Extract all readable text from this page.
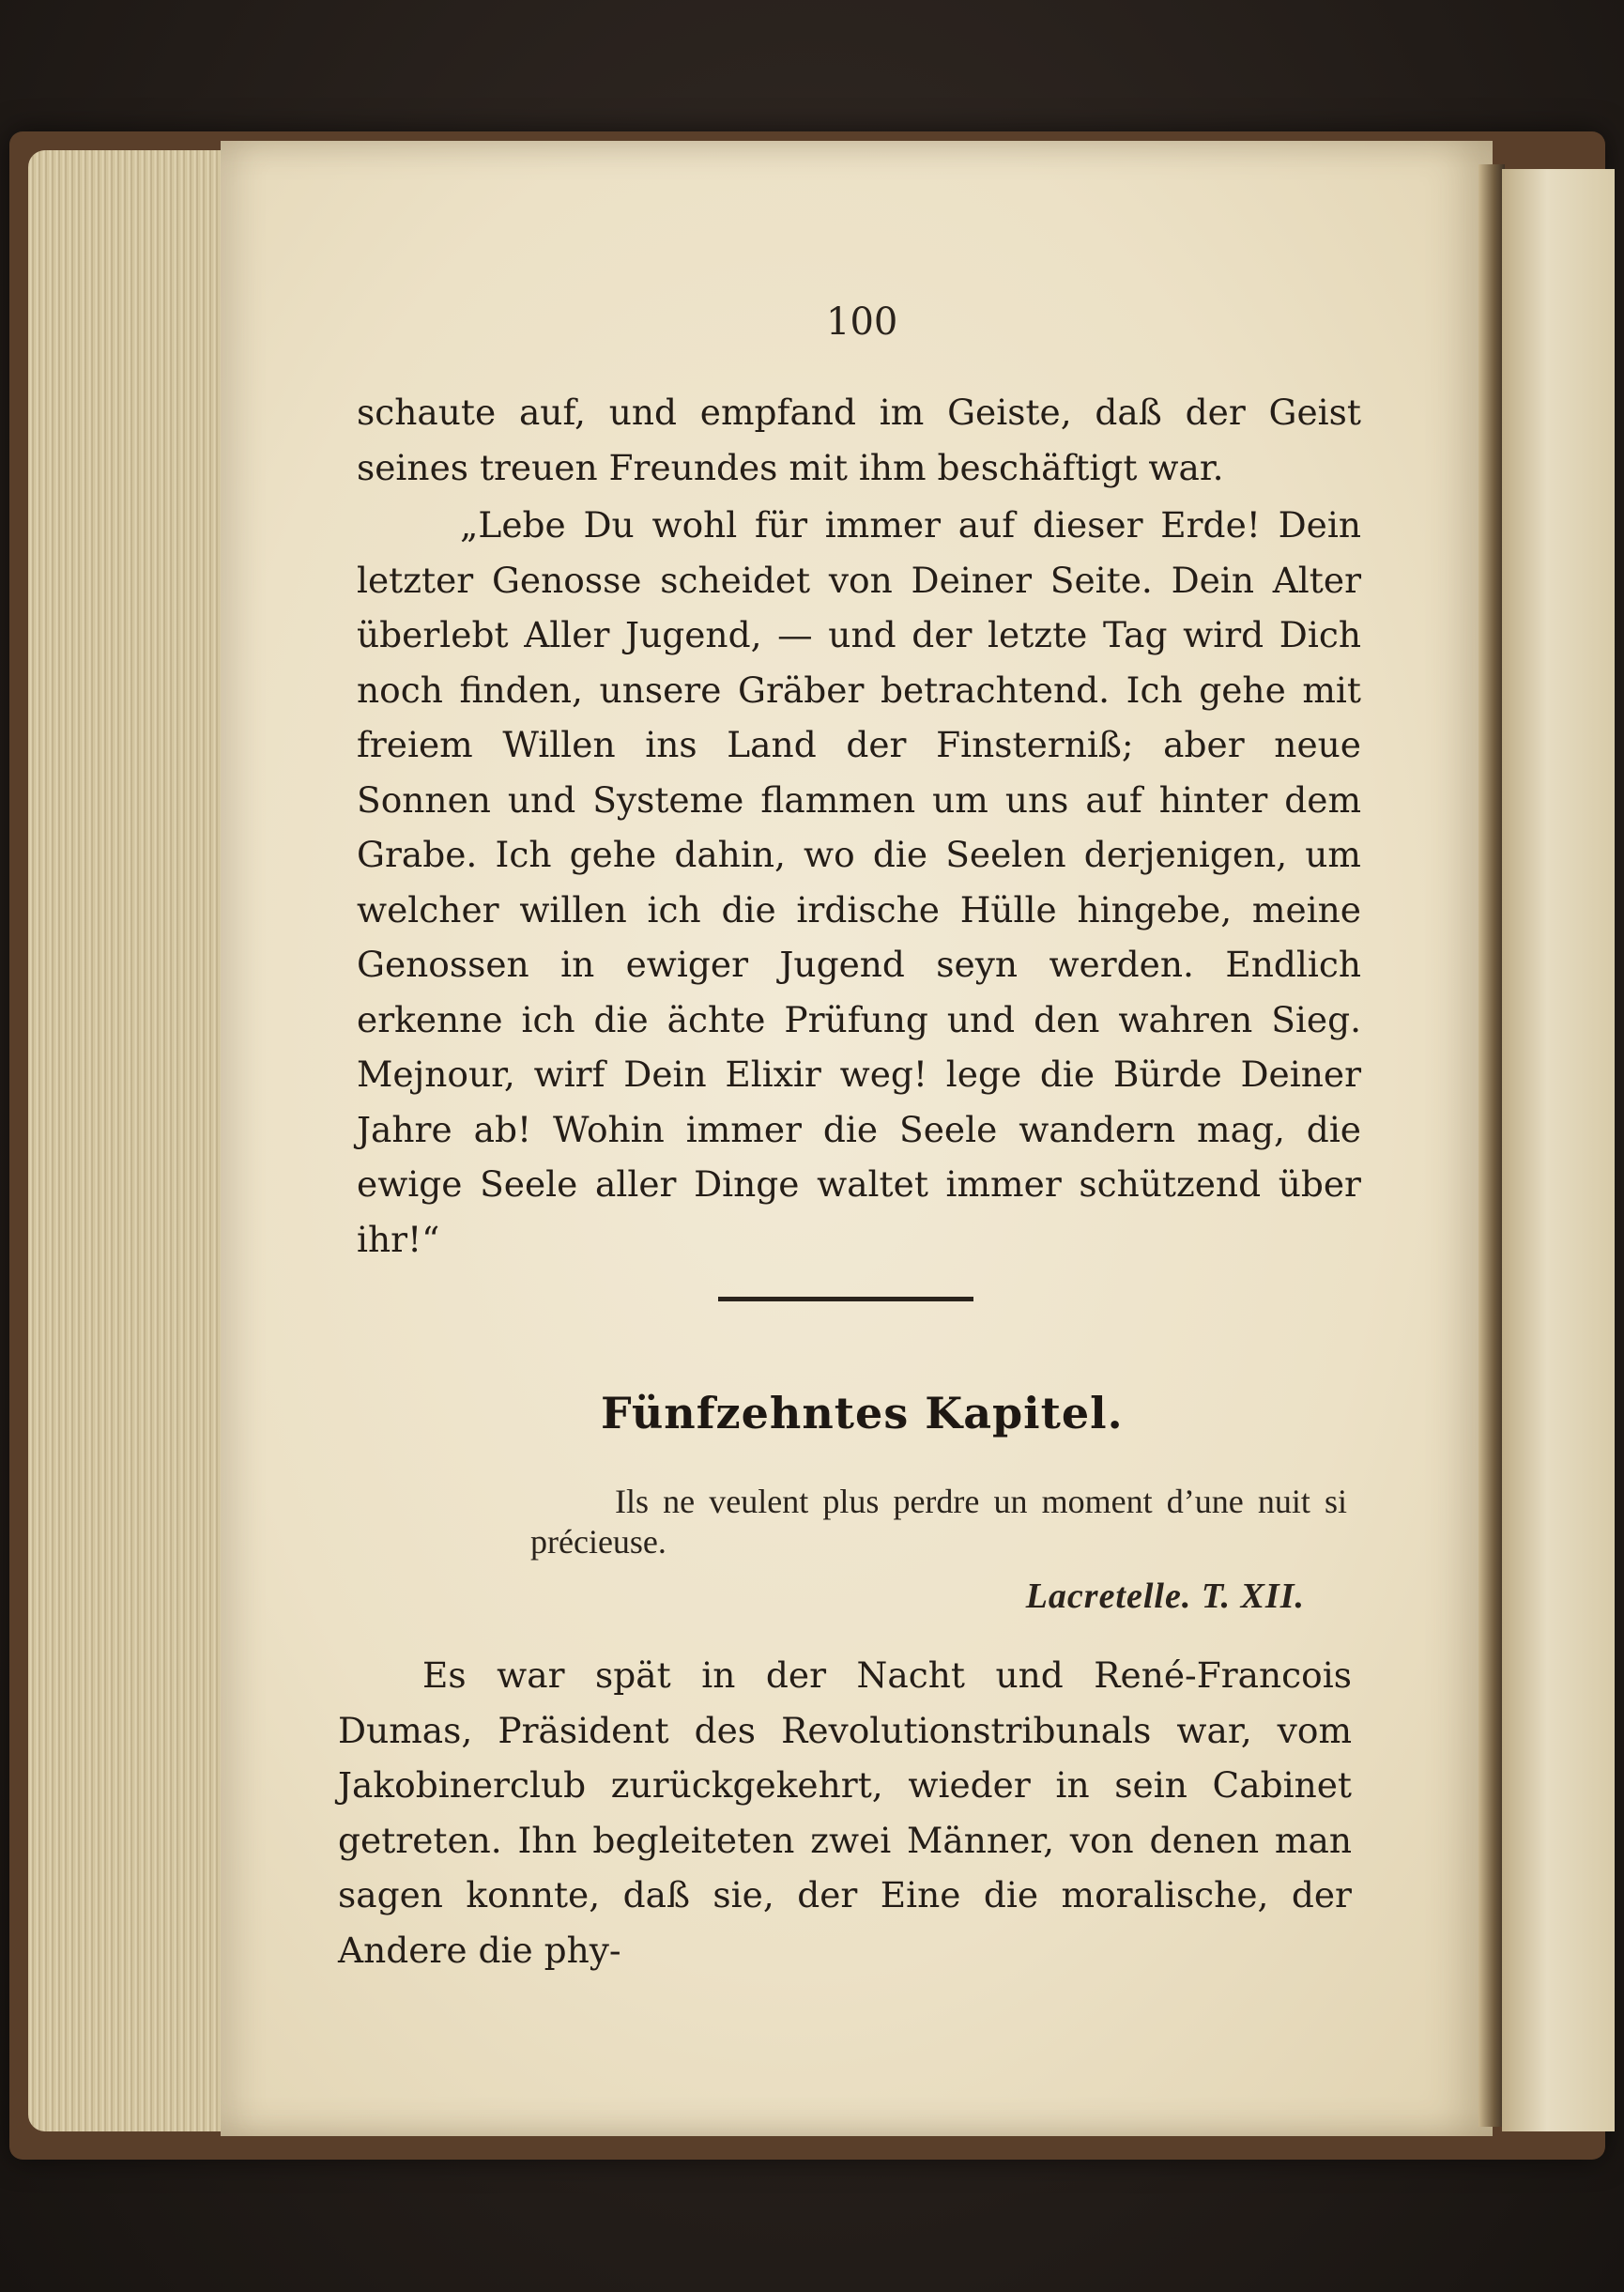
100

schaute auf, und empfand im Geiste, daß der Geist seines treuen Freundes mit ihm beschäftigt war.

„Lebe Du wohl für immer auf dieser Erde! Dein letzter Genosse scheidet von Deiner Seite. Dein Alter überlebt Aller Jugend, — und der letzte Tag wird Dich noch finden, unsere Gräber betrachtend. Ich gehe mit freiem Willen ins Land der Finsterniß; aber neue Sonnen und Systeme flammen um uns auf hinter dem Grabe. Ich gehe dahin, wo die Seelen derjenigen, um welcher willen ich die irdische Hülle hingebe, meine Genossen in ewiger Jugend seyn werden. Endlich erkenne ich die ächte Prüfung und den wahren Sieg. Mejnour, wirf Dein Elixir weg! lege die Bürde Deiner Jahre ab! Wohin immer die Seele wandern mag, die ewige Seele aller Dinge waltet immer schützend über ihr!“

Fünfzehntes Kapitel.
Ils ne veulent plus perdre un moment d’une nuit si précieuse.
Lacretelle. T. XII.

Es war spät in der Nacht und René-Francois Dumas, Präsident des Revolutionstribunals war, vom Jakobinerclub zurückgekehrt, wieder in sein Cabinet getreten. Ihn begleiteten zwei Männer, von denen man sagen konnte, daß sie, der Eine die moralische, der Andere die phy-
